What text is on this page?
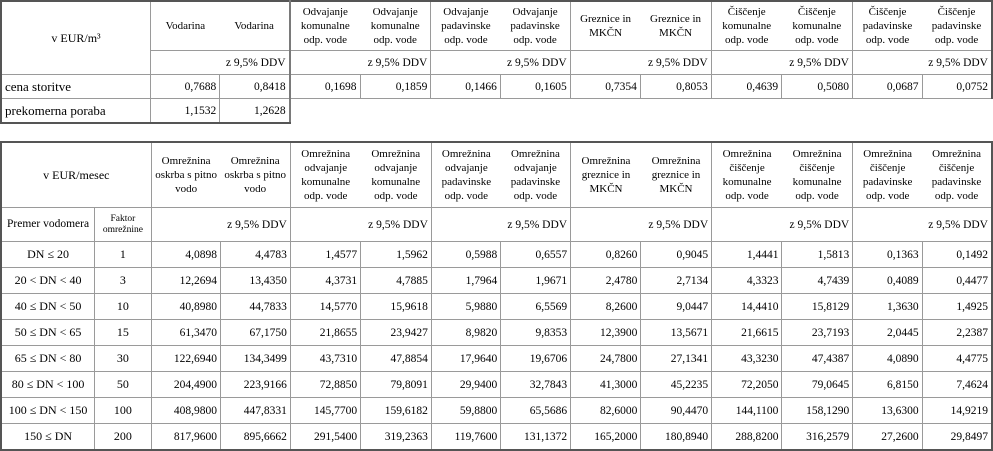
v EUR/m³	Vodarina	Vodarina	Odvajanje komunalne odp. vode	Odvajanje komunalne odp. vode	Odvajanje padavinske odp. vode	Odvajanje padavinske odp. vode	Greznice in MKČN	Greznice in MKČN	Čiščenje komunalne odp. vode	Čiščenje komunalne odp. vode	Čiščenje padavinske odp. vode	Čiščenje padavinske odp. vode
		z 9,5% DDV		z 9,5% DDV		z 9,5% DDV		z 9,5% DDV		z 9,5% DDV		z 9,5% DDV
cena storitve	0,7688	0,8418	0,1698	0,1859	0,1466	0,1605	0,7354	0,8053	0,4639	0,5080	0,0687	0,0752
prekomerna poraba	1,1532	1,2628										
v EUR/mesec		Omrežnina oskrba s pitno vodo	Omrežnina oskrba s pitno vodo	Omrežnina odvajanje komunalne odp. vode	Omrežnina odvajanje komunalne odp. vode	Omrežnina odvajanje padavinske odp. vode	Omrežnina odvajanje padavinske odp. vode	Omrežnina greznice in MKČN	Omrežnina greznice in MKČN	Omrežnina čiščenje komunalne odp. vode	Omrežnina čiščenje komunalne odp. vode	Omrežnina čiščenje padavinske odp. vode	Omrežnina čiščenje padavinske odp. vode
Premer vodomera	Faktor omrežnine		z 9,5% DDV		z 9,5% DDV		z 9,5% DDV		z 9,5% DDV		z 9,5% DDV		z 9,5% DDV
DN ≤ 20	1	4,0898	4,4783	1,4577	1,5962	0,5988	0,6557	0,8260	0,9045	1,4441	1,5813	0,1363	0,1492
20 < DN < 40	3	12,2694	13,4350	4,3731	4,7885	1,7964	1,9671	2,4780	2,7134	4,3323	4,7439	0,4089	0,4477
40 ≤ DN < 50	10	40,8980	44,7833	14,5770	15,9618	5,9880	6,5569	8,2600	9,0447	14,4410	15,8129	1,3630	1,4925
50 ≤ DN < 65	15	61,3470	67,1750	21,8655	23,9427	8,9820	9,8353	12,3900	13,5671	21,6615	23,7193	2,0445	2,2387
65 ≤ DN < 80	30	122,6940	134,3499	43,7310	47,8854	17,9640	19,6706	24,7800	27,1341	43,3230	47,4387	4,0890	4,4775
80 ≤ DN < 100	50	204,4900	223,9166	72,8850	79,8091	29,9400	32,7843	41,3000	45,2235	72,2050	79,0645	6,8150	7,4624
100 ≤ DN < 150	100	408,9800	447,8331	145,7700	159,6182	59,8800	65,5686	82,6000	90,4470	144,1100	158,1290	13,6300	14,9219
150 ≤ DN	200	817,9600	895,6662	291,5400	319,2363	119,7600	131,1372	165,2000	180,8940	288,8200	316,2579	27,2600	29,8497
